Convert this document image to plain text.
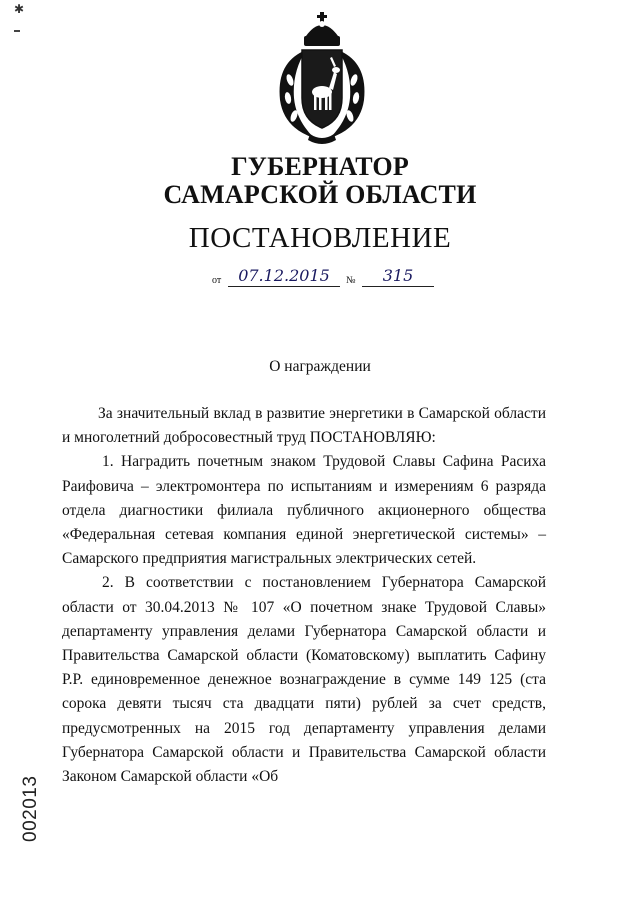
✱
ГУБЕРНАТОР
САМАРСКОЙ ОБЛАСТИ
ПОСТАНОВЛЕНИЕ
от	07.12.2015	№	315
О награждении

За значительный вклад в развитие энергетики в Самарской области и многолетний добросовестный труд ПОСТАНОВЛЯЮ:

1. Наградить почетным знаком Трудовой Славы Сафина Расиха Раифовича – электромонтера по испытаниям и измерениям 6 разряда отдела диагностики филиала публичного акционерного общества «Федеральная сетевая компания единой энергетической системы» – Самарского предприятия магистральных электрических сетей.

2. В соответствии с постановлением Губернатора Самарской области от 30.04.2013 № 107 «О почетном знаке Трудовой Славы» департаменту управления делами Губернатора Самарской области и Правительства Самарской области (Коматовскому) выплатить Сафину Р.Р. единовременное денежное вознаграждение в сумме 149 125 (ста сорока девяти тысяч ста двадцати пяти) рублей за счет средств, предусмотренных на 2015 год департаменту управления делами Губернатора Самарской области и Правительства Самарской области Законом Самарской области «Об

002013
